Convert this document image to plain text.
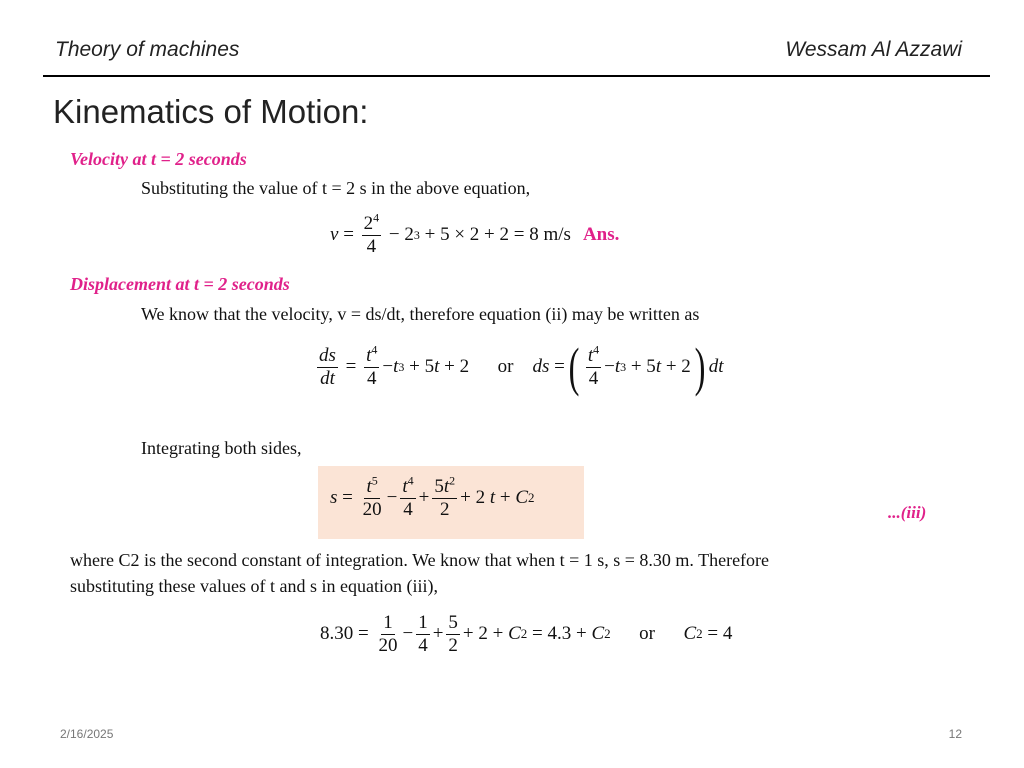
Theory of machines	Wessam Al Azzawi
Kinematics of Motion:
Velocity at t = 2 seconds
Substituting the value of t = 2 s in the above equation,
$v = \frac{2^4}{4} - 2$ 3 + 5 × 2 + 2 = 8 m/s Ans.
Displacement at t = 2 seconds
We know that the velocity, v = ds/dt, therefore equation (ii) may be written as
$\frac{ds}{dt} = \frac{t^4}{4} - t$ 3 + 5 t + 2      or ds = ( $\frac{t^4}{4} - t$ 3 + 5 t + 2 ) dt
Integrating both sides,
$s = \frac{t^5}{20} - \frac{t^4}{4} + \frac{5t^2}{2} + 2$ t + C 2
...(iii)
where C2 is the second constant of integration. We know that when t = 1 s, s = 8.30 m. Therefore
substituting these values of t and s in equation (iii),
$8.30 = \frac{1}{20} - \frac{1}{4} + \frac{5}{2} + 2 + C$ 2 = 4.3 + C 2 or C 2 = 4
2/16/2025	12
